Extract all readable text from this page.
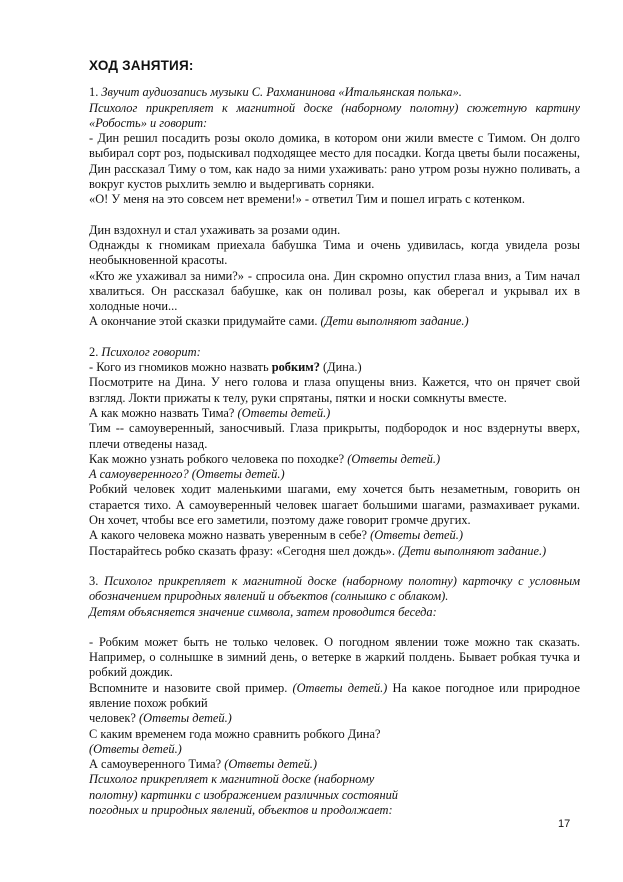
ХОД ЗАНЯТИЯ:

1. Звучит аудиозапись музыки С. Рахманинова «Итальянская полька».

Психолог прикрепляет к магнитной доске (наборному полотну) сюжетную картину «Робость» и говорит:

- Дин решил посадить розы около домика, в котором они жили вместе с Тимом. Он долго выбирал сорт роз, подыскивал подходящее место для посадки. Когда цветы были посажены, Дин рассказал Тиму о том, как надо за ними ухаживать: рано утром розы нужно поливать, а вокруг кустов рыхлить землю и выдергивать сорняки.

«О! У меня на это совсем нет времени!» - ответил Тим и пошел играть с котенком.

Дин вздохнул и стал ухаживать за розами один.

Однажды к гномикам приехала бабушка Тима и очень удивилась, когда увидела розы необыкновенной красоты.

«Кто же ухаживал за ними?» - спросила она. Дин скромно опустил глаза вниз, а Тим начал хвалиться. Он рассказал бабушке, как он поливал розы, как оберегал и укрывал их в холодные ночи...

А окончание этой сказки придумайте сами. (Дети выполняют задание.)

2. Психолог говорит:

- Кого из гномиков можно назвать робким? (Дина.)

Посмотрите на Дина. У него голова и глаза опущены вниз. Кажется, что он прячет свой взгляд. Локти прижаты к телу, руки спрятаны, пятки и носки сомкнуты вместе.

А как можно назвать Тима? (Ответы детей.)

Тим -- самоуверенный, заносчивый. Глаза прикрыты, подбородок и нос вздернуты вверх, плечи отведены назад.

Как можно узнать робкого человека по походке? (Ответы детей.)

А самоуверенного? (Ответы детей.)

Робкий человек ходит маленькими шагами, ему хочется быть незаметным, говорить он старается тихо. А самоуверенный человек шагает большими шагами, размахивает руками. Он хочет, чтобы все его заметили, поэтому даже говорит громче других.

А какого человека можно назвать уверенным в себе? (Ответы детей.)

Постарайтесь робко сказать фразу: «Сегодня шел дождь». (Дети выполняют задание.)

3. Психолог прикрепляет к магнитной доске (наборному полотну) карточку с условным обозначением природных явлений и объектов (солнышко с облаком).

Детям объясняется значение символа, затем проводится беседа:

- Робким может быть не только человек. О погодном явлении тоже можно так сказать. Например, о солнышке в зимний день, о ветерке в жаркий полдень. Бывает робкая тучка и робкий дождик.

Вспомните и назовите свой пример. (Ответы детей.) На какое погодное или природное явление похож робкий

человек? (Ответы детей.)

С каким временем года можно сравнить робкого Дина?

(Ответы детей.)

А самоуверенного Тима? (Ответы детей.)

Психолог прикрепляет к магнитной доске (наборному полотну) картинки с изображением различных состояний погодных и природных явлений, объектов и продолжает:

17
